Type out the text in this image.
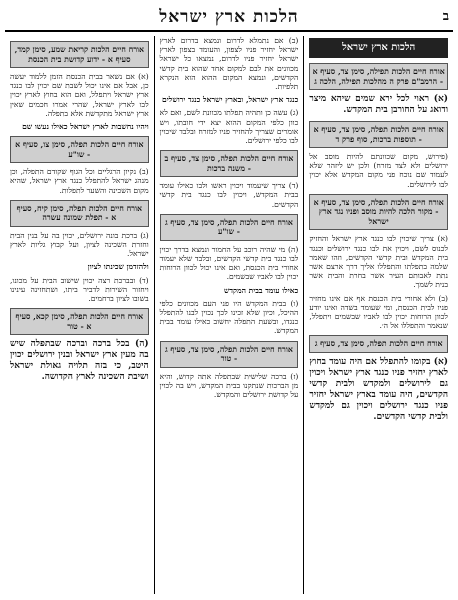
הלכות ארץ ישראל	ב
הלכות ארץ ישראל
אורח חיים הלכות תפילה, סימן צד, סעיף א - הרמב"ם פרק ה מהלכות תפילה, הלכה ג

(א) ראוי לכל ירא שמים שיהא מיצר ודואג על החורבן בית המקדש.

אורח חיים הלכות תפלה, סימן צד, סעיף א - תוספות ברכות, סוף פרק ד

(פירוש, מקום שכוונתם להיות מוסב אל ירושלים ולא לצד מזרח) ולכן יש ליזהר שלא לעמוד שם נוכח פני מקום המקדש אלא יכוין לבו לירושלים.

אורח חיים הלכות תפלה, סימן צד, סעיף א - מקור הלכה להיות מוסב ופניו נגד ארץ ישראל

(א) צריך שיכוין לבו כנגד ארץ ישראל והחזיק לכנוס לשם, ויכוין את לבו כנגד ירושלים וכנגד בית המקדש ובית קדשי הקדשים, וזהו שאמר שלמה בתפלתו והתפללו אליך דרך ארצם אשר נתת לאבותם העיר אשר בחרת והבית אשר בנית לשמך.

(ב) ולא אחורי בית הכנסת אף אם אינו מחזיר פניו לבית הכנסת, ומי שעומד בשדה ואינו יודע לכוון הרוחות יכוין לבו לאביו שבשמים ויתפלל, שנאמר והתפללו אל ה׳.

אורח חיים הלכות תפלה, סימן צד, סעיף ג

(א) בקומו להתפלל אם היה עומד בחוץ לארץ יחזיר פניו כנגד ארץ ישראל ויכוין גם לירושלים ולמקדש ולבית קדשי הקדשים, היה עומד בארץ ישראל יחזיר פניו כנגד ירושלים ויכוין גם למקדש ולבית קדשי הקדשים.

(ב) אם נתמלא לדרום ונמצא בדרום לארץ ישראל יחזיר פניו לצפון, והעומד בצפון לארץ ישראל יחזיר פניו לדרום, נמצאו כל ישראל מכוונים את לבם למקום אחד שהוא בית קדשי הקדשים, ונמצא המקום ההוא הוא הנקרא תלפיות.

כנגד ארץ ישראל, ובארץ ישראל כנגד ירושלים

(ג) עשה כן ותהיה תפלתו מכוונת לשם, ואם לא כוון כלפי המקום ההוא יצא ידי חובתו, ויש אומרים שצריך להחזיר פניו למזרח ובלבד שיכוין לבו כלפי ירושלים.

אורח חיים הלכות תפלה, סימן צד, סעיף ב - משנה ברכות

(ד) צריך שיעמוד ויכוין ראשו ולבו כאילו עומד בבית המקדש, ויכוין לבו כנגד בית קדשי הקדשים.

אורח חיים הלכות תפלה, סימן צד, סעיף ג - שו"ע

(ה) מי שהיה רוכב על החמור ונמצא בדרך יכוין לבו כנגד בית קדשי הקדשים, ובלבד שלא יעמוד אחורי בית הכנסת, ואם אינו יכול לכוון הרוחות יכוין לבו לאביו שבשמים.

כאילו עומד בבית המקדש

(ו) בבית המקדש היו פני העם מכוונים כלפי ההיכל, וכיון שלא זכינו לכך נכוין לבנו להתפלל כנגדו, ובשעת התפלה יחשוב כאילו עומד בבית המקדש.

אורח חיים הלכות תפלה, סימן צד, סעיף ג - טור

(ז) ברכה שלישית שבתפלה אתה קדוש, והיא מן הברכות שנתקנו בבית המקדש, ויש בה לכוין על קדושת ירושלים והמקדש.

אורח חיים הלכות קריאת שמע, סימן קמד, סעיף א - ידוע קדושת בית הכנסת

(א) אם נשאר בבית הכנסת הזמן ללמוד יעשה כן, אבל אם אינו יכול לשבת שם יכוין לבו כנגד ארץ ישראל ויתפלל, ואם הוא בחוץ לארץ יכוין לבו לארץ ישראל, שהרי אמרו חכמים שאין ארץ ישראל מתקדשת אלא בתפלה.

ויהיו נחשבות לארץ ישראל כאילו נעשו שם

אורח חיים הלכות תפלה, סימן צו, סעיף א - שו"ע

(ב) נקיון הרגליים וכל הגוף שקודם התפלה, וכן מנהג ישראל להתפלל כנגד ארץ ישראל, שהיא מקום השכינה והשער לתפלות.

אורח חיים הלכות תפלה, סימן קיח, סעיף א - תפלת שמונה עשרה

(ג) ברכת בונה ירושלים, יכוין בה על בנין הבית וחזרת השכינה לציון, ועל קבוץ גליות לארץ ישראל.

ולהזדמן שכינתו לציון

(ד) ובברכת רצה יכוין שישוב הבית על מכונו, ויחזור השירות לדביר ביתו, ושתחזינה עינינו בשובו לציון ברחמים.

אורח חיים הלכות תפלה, סימן קכא, סעיף א - טור

(ה) בכל ברכה וברכה שבתפלה שיש בה מעין ארץ ישראל ובנין ירושלים יכוין היטב, כי בזה תלויה גאולת ישראל ושיבת השכינה לארץ הקדושה.
